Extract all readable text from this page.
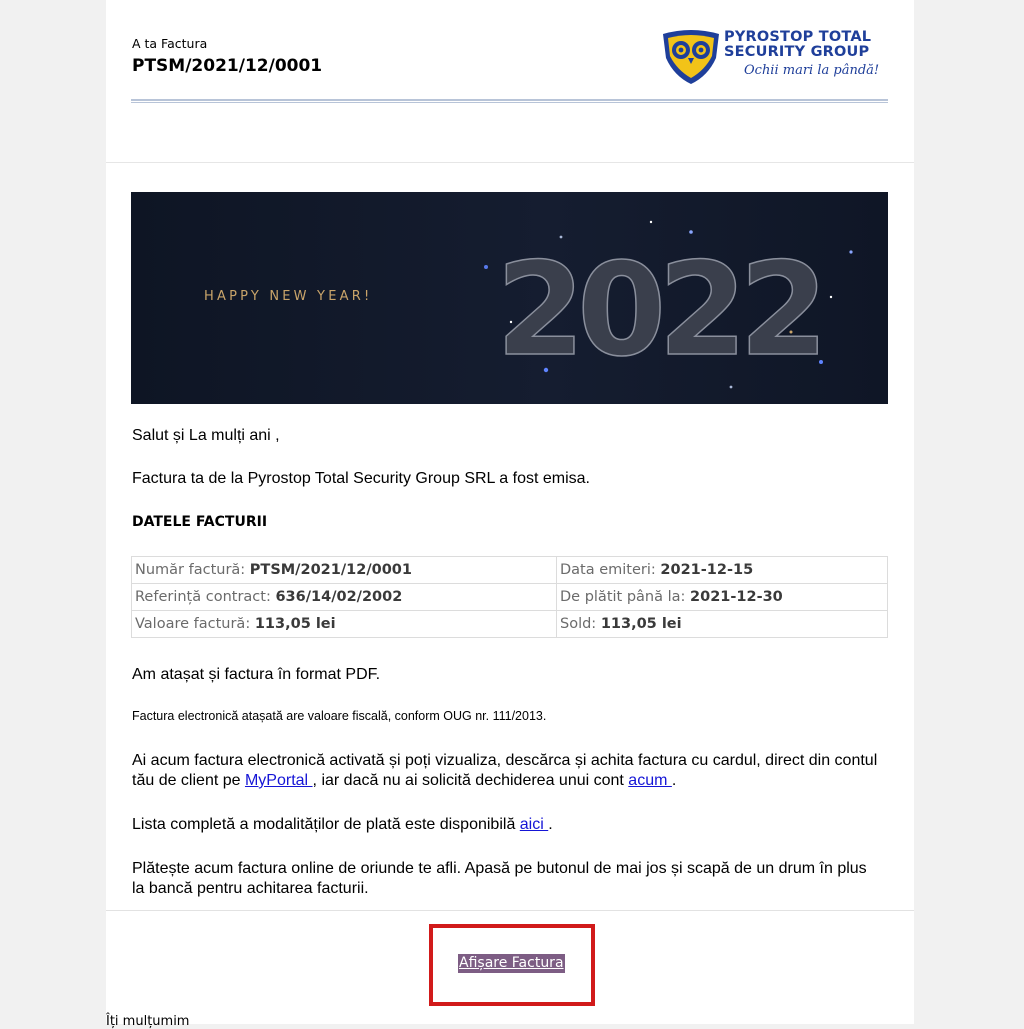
A ta Factura
PTSM/2021/12/0001
PYROSTOP TOTAL
SECURITY GROUP
Ochii mari la pândă!
HAPPY NEW YEAR! 2022
Salut și La mulți ani ,
Factura ta de la Pyrostop Total Security Group SRL a fost emisa.
DATELE FACTURII
Număr factură: PTSM/2021/12/0001	Data emiteri: 2021-12-15
Referință contract: 636/14/02/2002	De plătit până la: 2021-12-30
Valoare factură: 113,05 lei	Sold: 113,05 lei
Am atașat și factura în format PDF.
Factura electronică atașată are valoare fiscală, conform OUG nr. 111/2013.
Ai acum factura electronică activată și poți vizualiza, descărca și achita factura cu cardul, direct din contul tău de client pe MyPortal , iar dacă nu ai solicită dechiderea unui cont acum .
Lista completă a modalităților de plată este disponibilă aici .
Plătește acum factura online de oriunde te afli. Apasă pe butonul de mai jos și scapă de un drum în plus la bancă pentru achitarea facturii.
Afișare Factura
Îți mulțumim
